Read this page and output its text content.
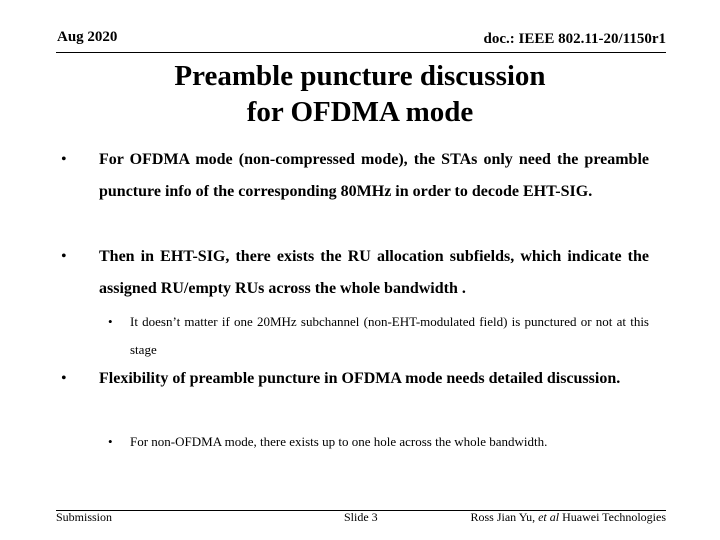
Aug 2020	doc.: IEEE 802.11-20/1150r1
Preamble puncture discussion
for OFDMA mode

• For OFDMA mode (non-compressed mode), the STAs only need the preamble puncture info of the corresponding 80MHz in order to decode EHT-SIG.

• Then in EHT-SIG, there exists the RU allocation subfields, which indicate the assigned RU/empty RUs across the whole bandwidth .

• It doesn’t matter if one 20MHz subchannel (non-EHT-modulated field) is punctured or not at this stage

• Flexibility of preamble puncture in OFDMA mode needs detailed discussion.

• For non-OFDMA mode, there exists up to one hole across the whole bandwidth.

Submission	Slide 3	Ross Jian Yu, et al Huawei Technologies
